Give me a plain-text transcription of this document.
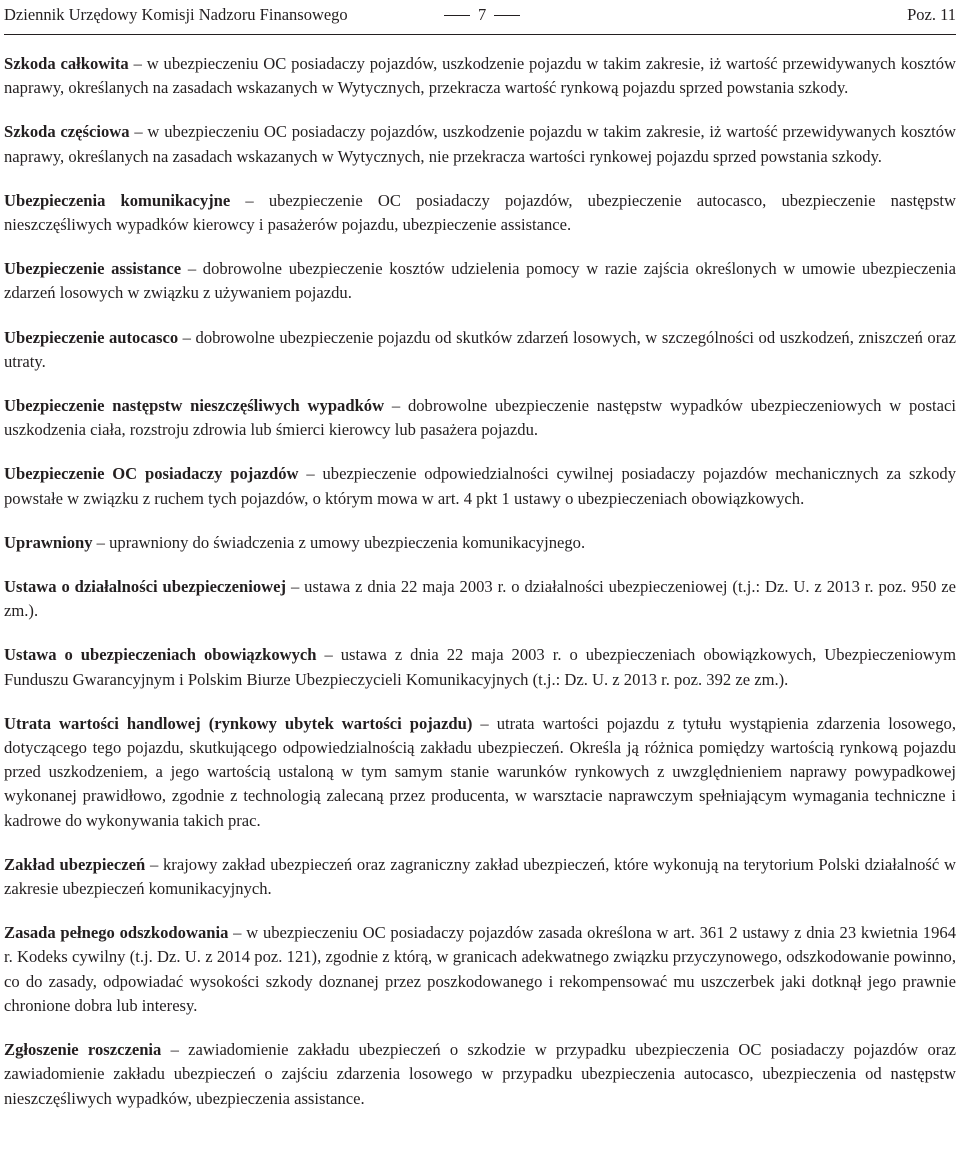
Dziennik Urzędowy Komisji Nadzoru Finansowego	7	Poz. 11

Szkoda całkowita – w ubezpieczeniu OC posiadaczy pojazdów, uszkodzenie pojazdu w takim zakresie, iż wartość przewidywanych kosztów naprawy, określanych na zasadach wskazanych w Wytycznych, przekracza wartość rynkową pojazdu sprzed powstania szkody.

Szkoda częściowa – w ubezpieczeniu OC posiadaczy pojazdów, uszkodzenie pojazdu w takim zakresie, iż wartość przewidywanych kosztów naprawy, określanych na zasadach wskazanych w Wytycznych, nie przekracza wartości rynkowej pojazdu sprzed powstania szkody.

Ubezpieczenia komunikacyjne – ubezpieczenie OC posiadaczy pojazdów, ubezpieczenie autocasco, ubezpieczenie następstw nieszczęśliwych wypadków kierowcy i pasażerów pojazdu, ubezpieczenie assistance.

Ubezpieczenie assistance – dobrowolne ubezpieczenie kosztów udzielenia pomocy w razie zajścia określonych w umowie ubezpieczenia zdarzeń losowych w związku z używaniem pojazdu.

Ubezpieczenie autocasco – dobrowolne ubezpieczenie pojazdu od skutków zdarzeń losowych, w szczególności od uszkodzeń, zniszczeń oraz utraty.

Ubezpieczenie następstw nieszczęśliwych wypadków – dobrowolne ubezpieczenie następstw wypadków ubezpieczeniowych w postaci uszkodzenia ciała, rozstroju zdrowia lub śmierci kierowcy lub pasażera pojazdu.

Ubezpieczenie OC posiadaczy pojazdów – ubezpieczenie odpowiedzialności cywilnej posiadaczy pojazdów mechanicznych za szkody powstałe w związku z ruchem tych pojazdów, o którym mowa w art. 4 pkt 1 ustawy o ubezpieczeniach obowiązkowych.

Uprawniony – uprawniony do świadczenia z umowy ubezpieczenia komunikacyjnego.

Ustawa o działalności ubezpieczeniowej – ustawa z dnia 22 maja 2003 r. o działalności ubezpieczeniowej (t.j.: Dz. U. z 2013 r. poz. 950 ze zm.).

Ustawa o ubezpieczeniach obowiązkowych – ustawa z dnia 22 maja 2003 r. o ubezpieczeniach obowiązkowych, Ubezpieczeniowym Funduszu Gwarancyjnym i Polskim Biurze Ubezpieczycieli Komunikacyjnych (t.j.: Dz. U. z 2013 r. poz. 392 ze zm.).

Utrata wartości handlowej (rynkowy ubytek wartości pojazdu) – utrata wartości pojazdu z tytułu wystąpienia zdarzenia losowego, dotyczącego tego pojazdu, skutkującego odpowiedzialnością zakładu ubezpieczeń. Określa ją różnica pomiędzy wartością rynkową pojazdu przed uszkodzeniem, a jego wartością ustaloną w tym samym stanie warunków rynkowych z uwzględnieniem naprawy powypadkowej wykonanej prawidłowo, zgodnie z technologią zalecaną przez producenta, w warsztacie naprawczym spełniającym wymagania techniczne i kadrowe do wykonywania takich prac.

Zakład ubezpieczeń – krajowy zakład ubezpieczeń oraz zagraniczny zakład ubezpieczeń, które wykonują na terytorium Polski działalność w zakresie ubezpieczeń komunikacyjnych.

Zasada pełnego odszkodowania – w ubezpieczeniu OC posiadaczy pojazdów zasada określona w art. 361 2 ustawy z dnia 23 kwietnia 1964 r. Kodeks cywilny (t.j. Dz. U. z 2014 poz. 121), zgodnie z którą, w granicach adekwatnego związku przyczynowego, odszkodowanie powinno, co do zasady, odpowiadać wysokości szkody doznanej przez poszkodowanego i rekompensować mu uszczerbek jaki dotknął jego prawnie chronione dobra lub interesy.

Zgłoszenie roszczenia – zawiadomienie zakładu ubezpieczeń o szkodzie w przypadku ubezpieczenia OC posiadaczy pojazdów oraz zawiadomienie zakładu ubezpieczeń o zajściu zdarzenia losowego w przypadku ubezpieczenia autocasco, ubezpieczenia od następstw nieszczęśliwych wypadków, ubezpieczenia assistance.
